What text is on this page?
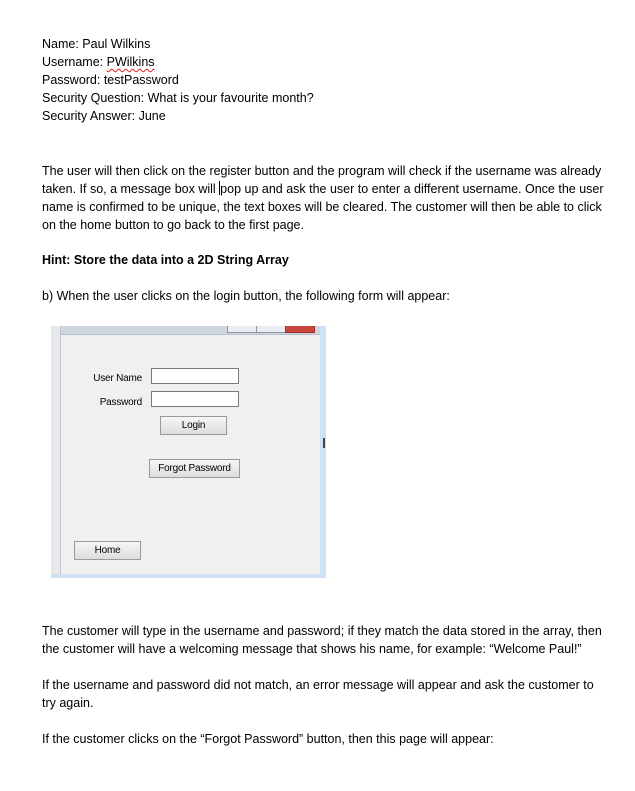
Name: Paul Wilkins

Username: PWilkins

Password: testPassword

Security Question: What is your favourite month?

Security Answer: June

The user will then click on the register button and the program will check if the username was already taken. If so, a message box will pop up and ask the user to enter a different username. Once the user name is confirmed to be unique, the text boxes will be cleared. The customer will then be able to click on the home button to go back to the first page.

Hint: Store the data into a 2D String Array

b) When the user clicks on the login button, the following form will appear:

User Name
Password
Login
Forgot Password
Home

The customer will type in the username and password; if they match the data stored in the array, then the customer will have a welcoming message that shows his name, for example: “Welcome Paul!”

If the username and password did not match, an error message will appear and ask the customer to try again.

If the customer clicks on the “Forgot Password” button, then this page will appear:
